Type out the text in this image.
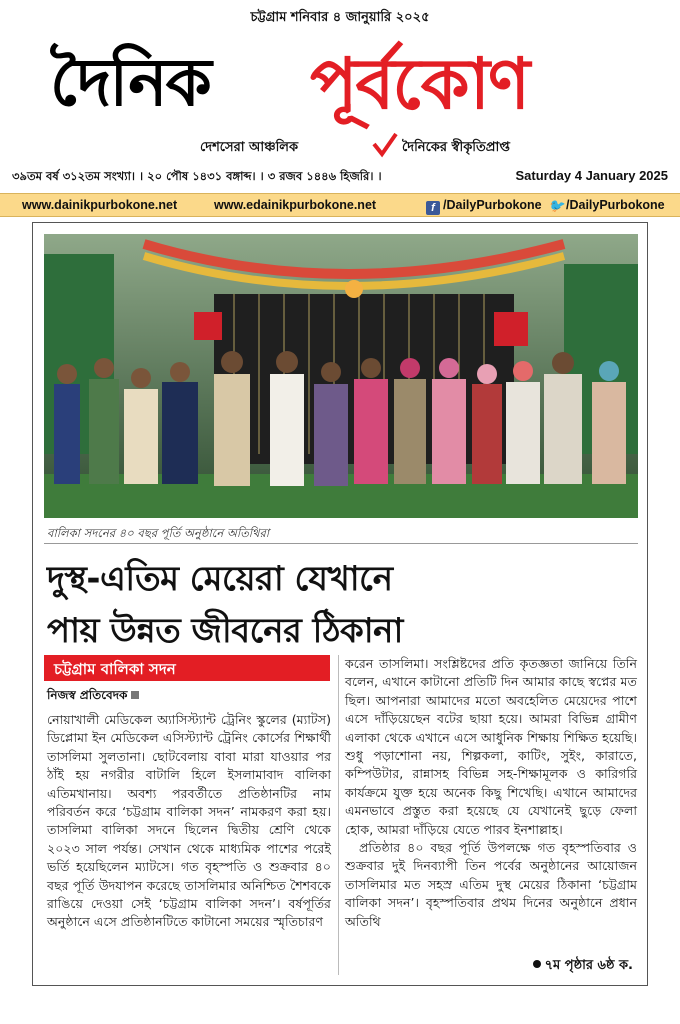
চট্টগ্রাম শনিবার ৪ জানুয়ারি ২০২৫
দৈনিক পূর্বকোণ
দেশসেরা আঞ্চলিক	দৈনিকের স্বীকৃতিপ্রাপ্ত
৩৯তম বর্ষ ৩১২তম সংখ্যা। । ২০ পৌষ ১৪৩১ বঙ্গাব্দ। । ৩ রজব ১৪৪৬ হিজরি। ।	Saturday 4 January 2025
www.dainikpurbokone.net	www.edainikpurbokone.net	f /DailyPurbokone 🐦 /DailyPurbokone
বালিকা সদনের ৪০ বছর পূর্তি অনুষ্ঠানে অতিথিরা
দুস্থ-এতিম মেয়েরা যেখানে
পায় উন্নত জীবনের ঠিকানা
চট্টগ্রাম বালিকা সদন
নিজস্ব প্রতিবেদক

নোয়াখালী মেডিকেল অ্যাসিস্ট্যান্ট ট্রেনিং স্কুলের (ম্যাটস) ডিপ্লোমা ইন মেডিকেল এসিস্ট্যান্ট ট্রেনিং কোর্সের শিক্ষার্থী তাসলিমা সুলতানা। ছোটবেলায় বাবা মারা যাওয়ার পর ঠাঁই হয় নগরীর বাটালি হিলে ইসলামাবাদ বালিকা এতিমখানায়। অবশ্য পরবর্তীতে প্রতিষ্ঠানটির নাম পরিবর্তন করে ‘চট্টগ্রাম বালিকা সদন’ নামকরণ করা হয়। তাসলিমা বালিকা সদনে ছিলেন দ্বিতীয় শ্রেণি থেকে ২০২৩ সাল পর্যন্ত। সেখান থেকে মাধ্যমিক পাশের পরেই ভর্তি হয়েছিলেন ম্যাটসে। গত বৃহস্পতি ও শুক্রবার ৪০ বছর পূর্তি উদযাপন করেছে তাসলিমার অনিশ্চিত শৈশবকে রাঙিয়ে দেওয়া সেই ‘চট্টগ্রাম বালিকা সদন’। বর্ষপূর্তির অনুষ্ঠানে এসে প্রতিষ্ঠানটিতে কাটানো সময়ের স্মৃতিচারণ

করেন তাসলিমা। সংশ্লিষ্টদের প্রতি কৃতজ্ঞতা জানিয়ে তিনি বলেন, এখানে কাটানো প্রতিটি দিন আমার কাছে স্বপ্নের মত ছিল। আপনারা আমাদের মতো অবহেলিত মেয়েদের পাশে এসে দাঁড়িয়েছেন বটের ছায়া হয়ে। আমরা বিভিন্ন গ্রামীণ এলাকা থেকে এখানে এসে আধুনিক শিক্ষায় শিক্ষিত হয়েছি। শুধু পড়াশোনা নয়, শিল্পকলা, কাটিং, সুইং, কারাতে, কম্পিউটার, রান্নাসহ বিভিন্ন সহ-শিক্ষামূলক ও কারিগরি কার্যক্রমে যুক্ত হয়ে অনেক কিছু শিখেছি। এখানে আমাদের এমনভাবে প্রস্তুত করা হয়েছে যে যেখানেই ছুড়ে ফেলা হোক, আমরা দাঁড়িয়ে যেতে পারব ইনশাল্লাহ।

প্রতিষ্ঠার ৪০ বছর পূর্তি উপলক্ষে গত বৃহস্পতিবার ও শুক্রবার দুই দিনব্যাপী তিন পর্বের অনুষ্ঠানের আয়োজন তাসলিমার মত সহস্র এতিম দুস্থ মেয়ের ঠিকানা ‘চট্টগ্রাম বালিকা সদন’। বৃহস্পতিবার প্রথম দিনের অনুষ্ঠানে প্রধান অতিথি

৭ম পৃষ্ঠার ৬ষ্ঠ ক.
